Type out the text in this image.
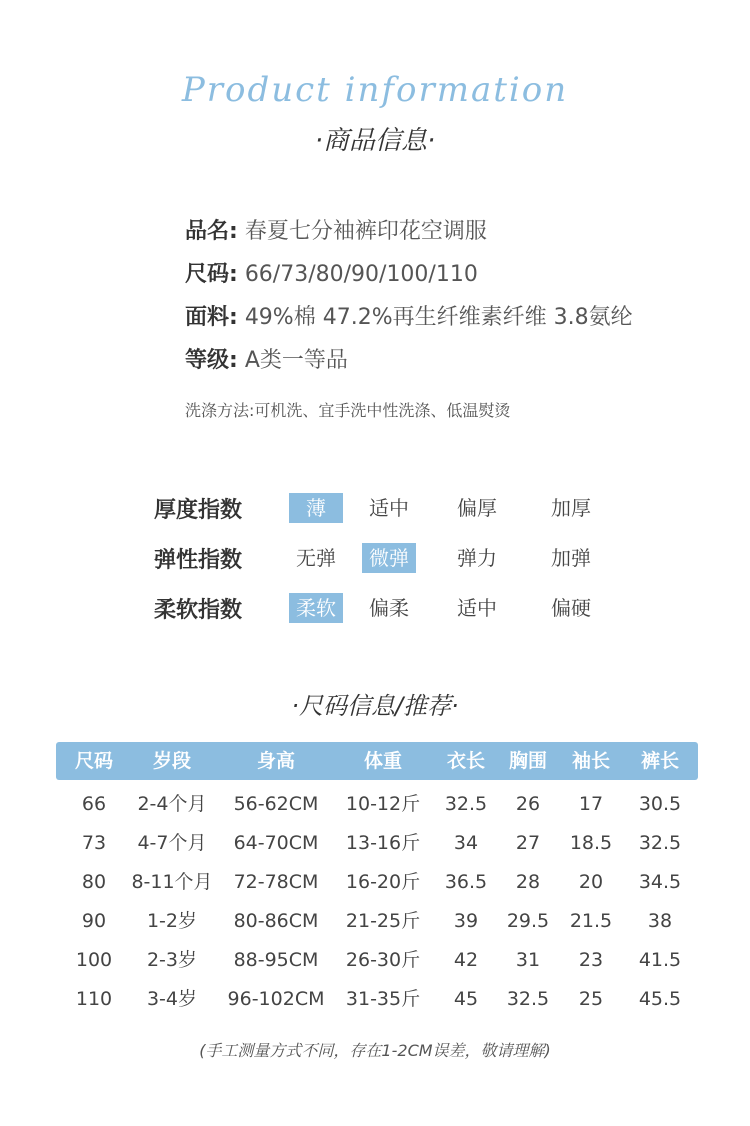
Product information
·商品信息·
品名: 春夏七分袖裤印花空调服
尺码: 66/73/80/90/100/110
面料: 49%棉 47.2%再生纤维素纤维 3.8氨纶
等级: A类一等品
洗涤方法:可机洗、宜手洗中性洗涤、低温熨烫
厚度指数	薄	适中	偏厚	加厚
弹性指数	无弹	微弹	弹力	加弹
柔软指数	柔软	偏柔	适中	偏硬
·尺码信息/推荐·
尺码	岁段	身高	体重	衣长	胸围	袖长	裤长
66	2-4个月	56-62CM	10-12斤	32.5	26	17	30.5
73	4-7个月	64-70CM	13-16斤	34	27	18.5	32.5
80	8-11个月	72-78CM	16-20斤	36.5	28	20	34.5
90	1-2岁	80-86CM	21-25斤	39	29.5	21.5	38
100	2-3岁	88-95CM	26-30斤	42	31	23	41.5
110	3-4岁	96-102CM	31-35斤	45	32.5	25	45.5
(手工测量方式不同，存在1-2CM误差，敬请理解)
